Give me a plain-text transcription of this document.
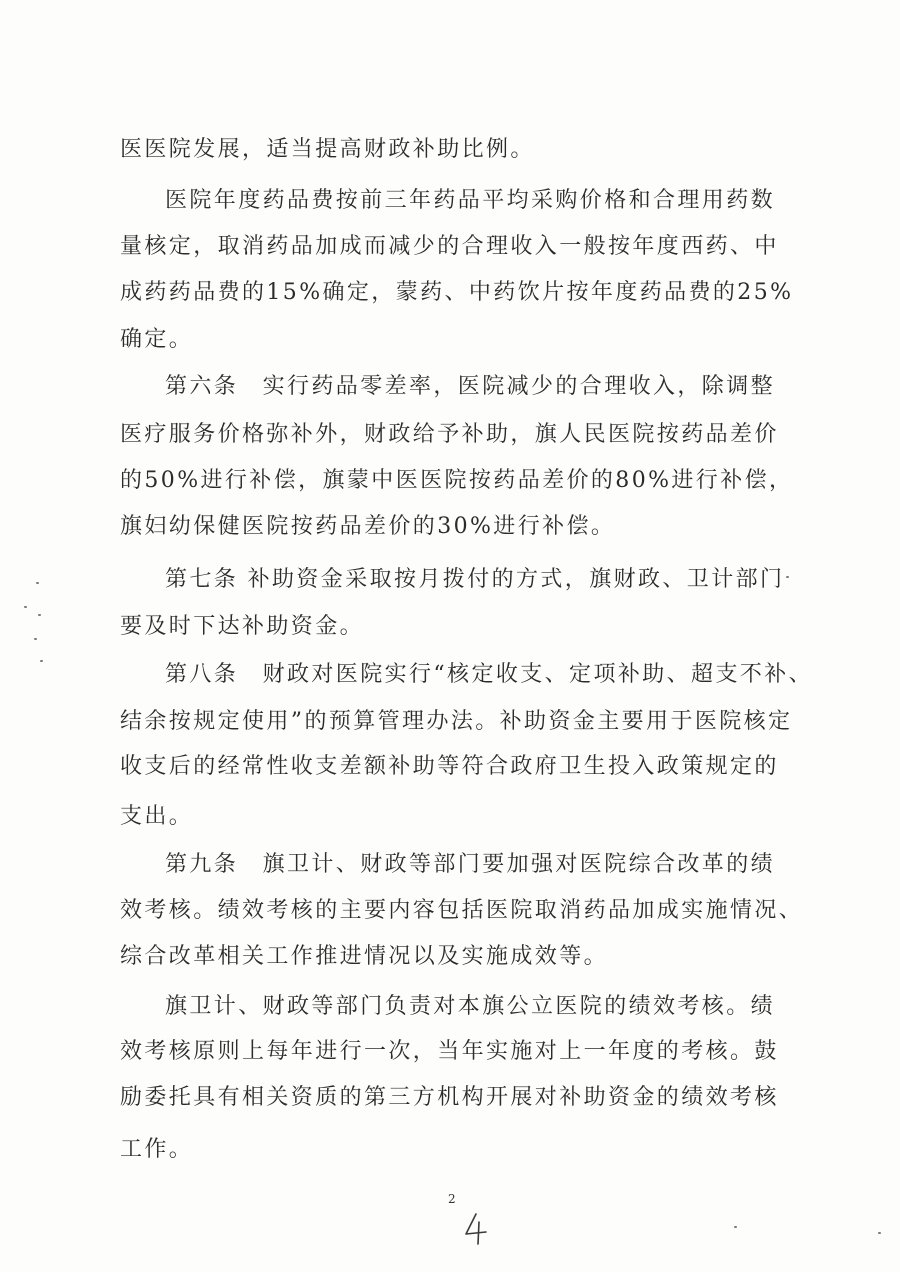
医医院发展，适当提高财政补助比例。

医院年度药品费按前三年药品平均采购价格和合理用药数

量核定，取消药品加成而减少的合理收入一般按年度西药、中

成药药品费的15%确定，蒙药、中药饮片按年度药品费的25%

确定。

第六条　实行药品零差率，医院减少的合理收入，除调整

医疗服务价格弥补外，财政给予补助，旗人民医院按药品差价

的50%进行补偿，旗蒙中医医院按药品差价的80%进行补偿，

旗妇幼保健医院按药品差价的30%进行补偿。

第七条 补助资金采取按月拨付的方式，旗财政、卫计部门

要及时下达补助资金。

第八条　财政对医院实行“核定收支、定项补助、超支不补、

结余按规定使用”的预算管理办法。补助资金主要用于医院核定

收支后的经常性收支差额补助等符合政府卫生投入政策规定的

支出。

第九条　旗卫计、财政等部门要加强对医院综合改革的绩

效考核。绩效考核的主要内容包括医院取消药品加成实施情况、

综合改革相关工作推进情况以及实施成效等。

旗卫计、财政等部门负责对本旗公立医院的绩效考核。绩

效考核原则上每年进行一次，当年实施对上一年度的考核。鼓

励委托具有相关资质的第三方机构开展对补助资金的绩效考核

工作。

2
